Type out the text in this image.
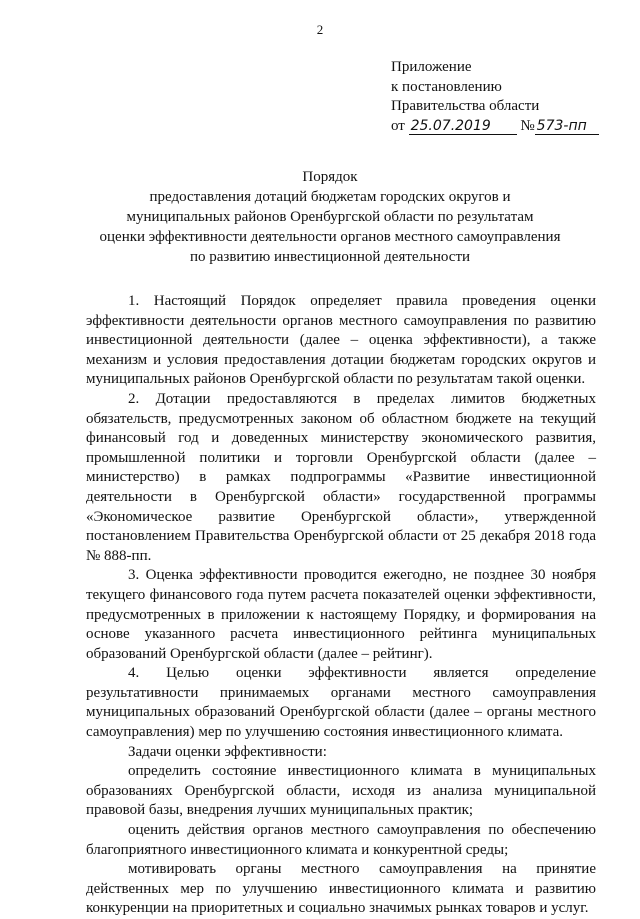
2
Приложение
к постановлению
Правительства области
от 25.07.2019 № 573-пп
Порядок
предоставления дотаций бюджетам городских округов и
муниципальных районов Оренбургской области по результатам
оценки эффективности деятельности органов местного самоуправления
по развитию инвестиционной деятельности

1. Настоящий Порядок определяет правила проведения оценки эффективности деятельности органов местного самоуправления по развитию инвестиционной деятельности (далее – оценка эффективности), а также механизм и условия предоставления дотации бюджетам городских округов и муниципальных районов Оренбургской области по результатам такой оценки.

2. Дотации предоставляются в пределах лимитов бюджетных обязательств, предусмотренных законом об областном бюджете на текущий финансовый год и доведенных министерству экономического развития, промышленной политики и торговли Оренбургской области (далее – министерство) в рамках подпрограммы «Развитие инвестиционной деятельности в Оренбургской области» государственной программы «Экономическое развитие Оренбургской области», утвержденной постановлением Правительства Оренбургской области от 25 декабря 2018 года № 888-пп.

3. Оценка эффективности проводится ежегодно, не позднее 30 ноября текущего финансового года путем расчета показателей оценки эффективности, предусмотренных в приложении к настоящему Порядку, и формирования на основе указанного расчета инвестиционного рейтинга муниципальных образований Оренбургской области (далее – рейтинг).

4. Целью оценки эффективности является определение результативности принимаемых органами местного самоуправления муниципальных образований Оренбургской области (далее – органы местного самоуправления) мер по улучшению состояния инвестиционного климата.

Задачи оценки эффективности:

определить состояние инвестиционного климата в муниципальных образованиях Оренбургской области, исходя из анализа муниципальной правовой базы, внедрения лучших муниципальных практик;

оценить действия органов местного самоуправления по обеспечению благоприятного инвестиционного климата и конкурентной среды;

мотивировать органы местного самоуправления на принятие действенных мер по улучшению инвестиционного климата и развитию конкуренции на приоритетных и социально значимых рынках товаров и услуг.
